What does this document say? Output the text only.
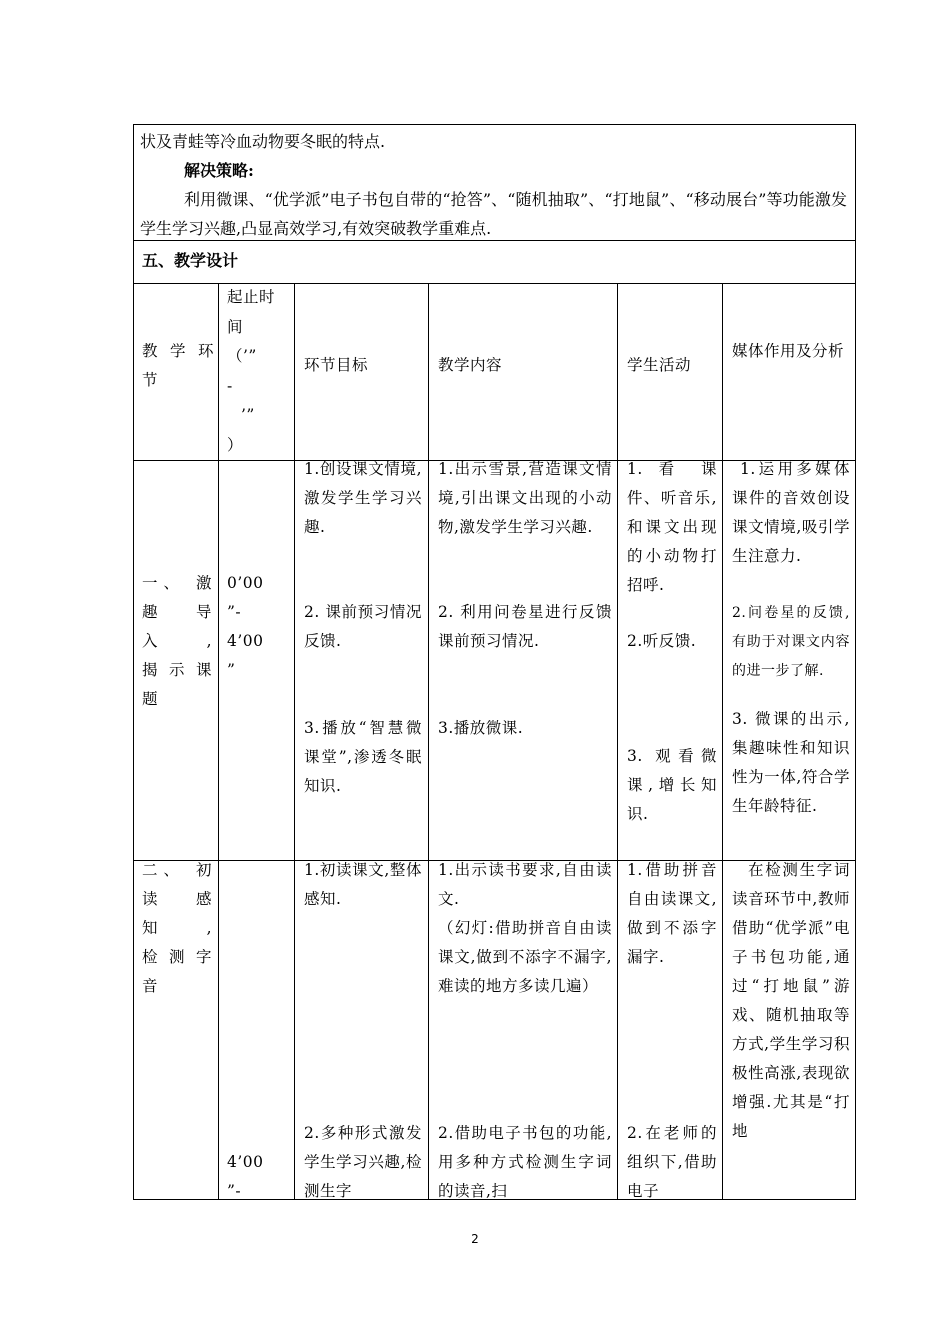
状及青蛙等冷血动物要冬眠的特点.

解决策略:

利用微课、“优学派”电子书包自带的“抢答”、“随机抽取”、“打地鼠”、“移动展台”等功能激发学生学习兴趣,凸显高效学习,有效突破教学重难点.

五、教学设计
教学环
节
起止时
间
（’”
-
’”
）
环节目标	教学内容	学生活动
媒体作用及分析
一、 激
趣 导
入 ,
揭示课
题
0’00
”-
4’00
”
1.创设课文情境,激发学生学习兴趣.
2. 课前预习情况反馈.
3.播放“智慧微课堂”,渗透冬眠知识.
1.出示雪景,营造课文情境,引出课文出现的小动物,激发学生学习兴趣.
2. 利用问卷星进行反馈课前预习情况.
3.播放微课.
1. 看 课件、听音乐,和课文出现的小动物打招呼.
2.听反馈.
3. 观看微课,增长知识.
1.运用多媒体课件的音效创设课文情境,吸引学生注意力.
2.问卷星的反馈,有助于对课文内容的进一步了解.
3. 微课的出示,集趣味性和知识性为一体,符合学生年龄特征.
二、 初
读 感
知 ,
检测字
音
4’00
”-
1.初读课文,整体感知.
2.多种形式激发学生学习兴趣,检测生字
1.出示读书要求,自由读文.
（幻灯:借助拼音自由读课文,做到不添字不漏字,难读的地方多读几遍）
2.借助电子书包的功能,用多种方式检测生字词的读音,扫
1.借助拼音自由读课文,做到不添字漏字.
2.在老师的组织下,借助电子
在检测生字词读音环节中,教师借助“优学派”电子书包功能,通过“打地鼠”游戏、随机抽取等方式,学生学习积极性高涨,表现欲增强.尤其是“打地
2
